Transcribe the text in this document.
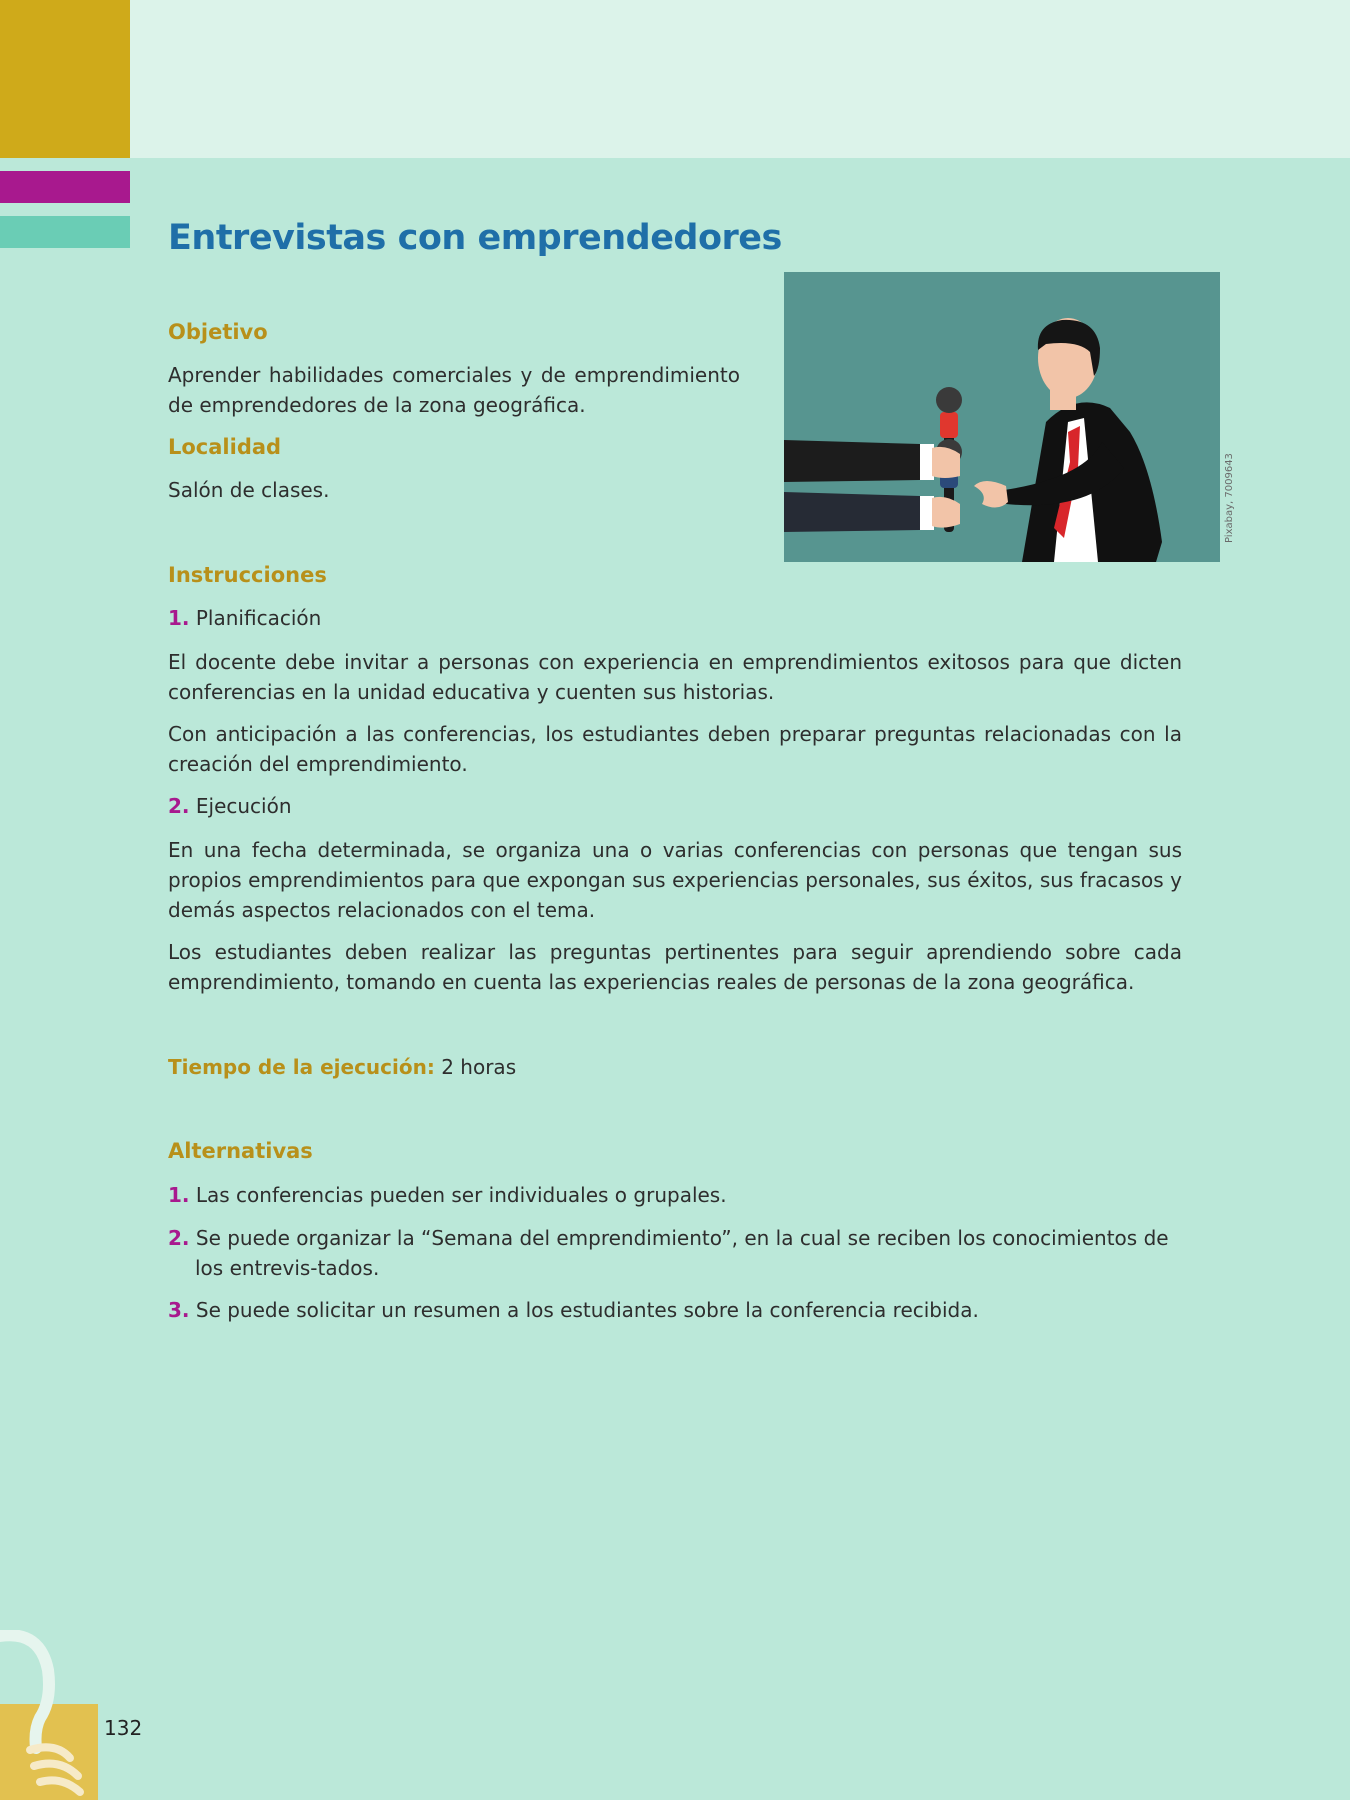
Entrevistas con emprendedores
Objetivo

Aprender habilidades comerciales y de emprendimiento de emprendedores de la zona geográfica.

Localidad

Salón de clases.	Pixabay, 7009643
Instrucciones

1. Planificación

El docente debe invitar a personas con experiencia en emprendimientos exitosos para que dicten conferencias en la unidad educativa y cuenten sus historias.

Con anticipación a las conferencias, los estudiantes deben preparar preguntas relacionadas con la creación del emprendimiento.

2. Ejecución

En una fecha determinada, se organiza una o varias conferencias con personas que tengan sus propios emprendimientos para que expongan sus experiencias personales, sus éxitos, sus fracasos y demás aspectos relacionados con el tema.

Los estudiantes deben realizar las preguntas pertinentes para seguir aprendiendo sobre cada emprendimiento, tomando en cuenta las experiencias reales de personas de la zona geográfica.

Tiempo de la ejecución: 2 horas

Alternativas

1. Las conferencias pueden ser individuales o grupales.

2. Se puede organizar la “Semana del emprendimiento”, en la cual se reciben los conocimientos de los entrevis-tados.

3. Se puede solicitar un resumen a los estudiantes sobre la conferencia recibida.

132
